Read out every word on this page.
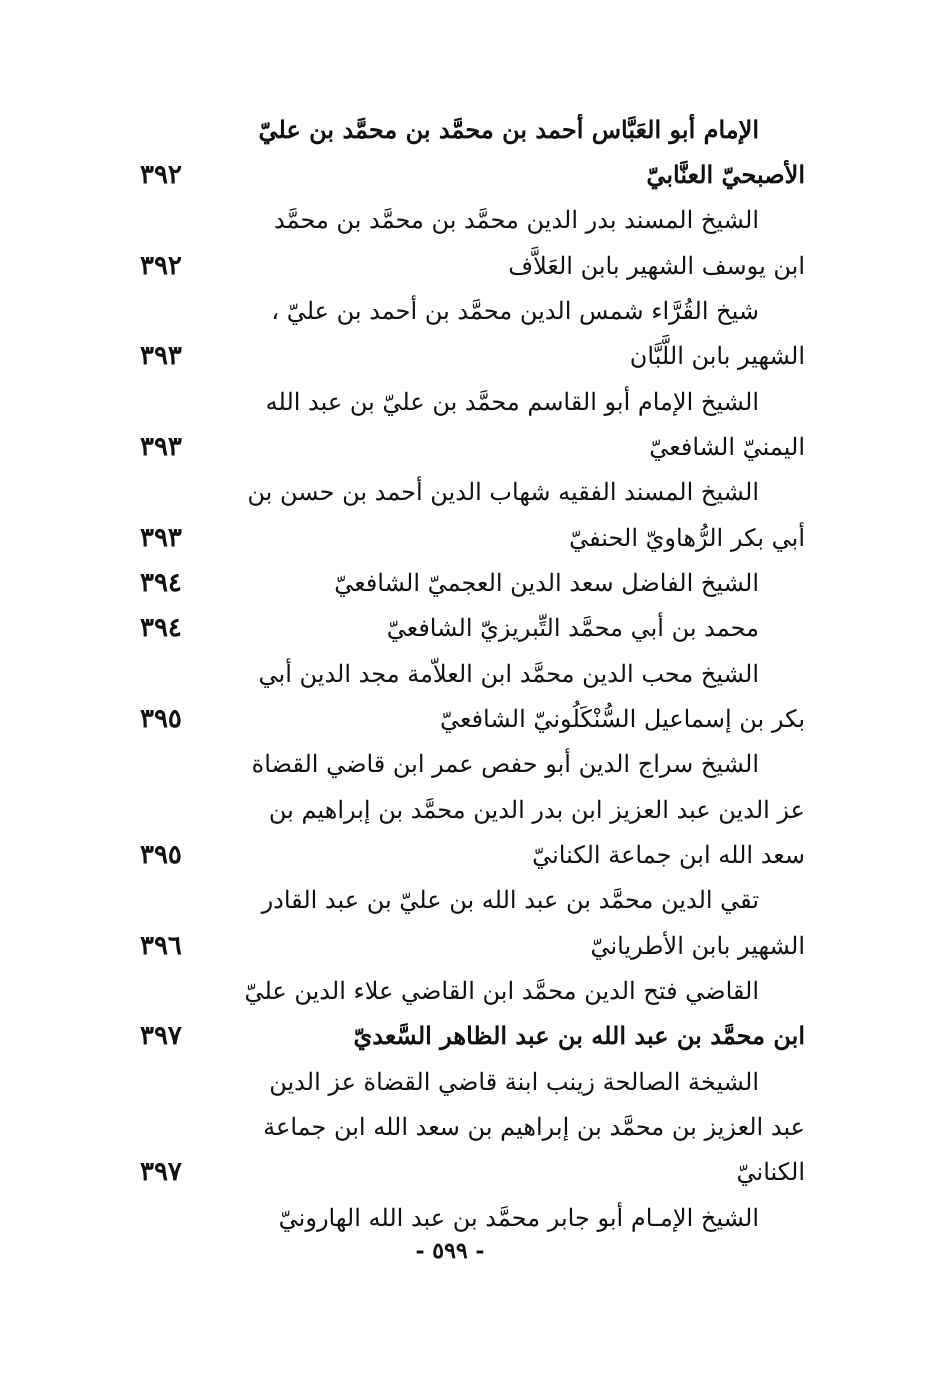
الإمام أبو العَبَّاس أحمد بن محمَّد بن محمَّد بن عليّ
الأصبحيّ العنَّابيّ
٣٩٢
الشيخ المسند بدر الدين محمَّد بن محمَّد بن محمَّد
ابن يوسف الشهير بابن العَلاَّف
٣٩٢
شيخ القُرَّاء شمس الدين محمَّد بن أحمد بن عليّ ،
الشهير بابن اللَّبَّان
٣٩٣
الشيخ الإمام أبو القاسم محمَّد بن عليّ بن عبد الله
اليمنيّ الشافعيّ
٣٩٣
الشيخ المسند الفقيه شهاب الدين أحمد بن حسن بن
أبي بكر الرُّهاويّ الحنفيّ
٣٩٣
الشيخ الفاضل سعد الدين العجميّ الشافعيّ
٣٩٤
محمد بن أبي محمَّد التِّبريزيّ الشافعيّ
٣٩٤
الشيخ محب الدين محمَّد ابن العلاّمة مجد الدين أبي
بكر بن إسماعيل السُّنْكَلُونيّ الشافعيّ
٣٩٥
الشيخ سراج الدين أبو حفص عمر ابن قاضي القضاة
عز الدين عبد العزيز ابن بدر الدين محمَّد بن إبراهيم بن
سعد الله ابن جماعة الكنانيّ
٣٩٥
تقي الدين محمَّد بن عبد الله بن عليّ بن عبد القادر
الشهير بابن الأطريانيّ
٣٩٦
القاضي فتح الدين محمَّد ابن القاضي علاء الدين عليّ
ابن محمَّد بن عبد الله بن عبد الظاهر السَّعديّ
٣٩٧
الشيخة الصالحة زينب ابنة قاضي القضاة عز الدين
عبد العزيز بن محمَّد بن إبراهيم بن سعد الله ابن جماعة
الكنانيّ
٣٩٧
الشيخ الإمـام أبو جابر محمَّد بن عبد الله الهارونيّ
- ٥٩٩ -
